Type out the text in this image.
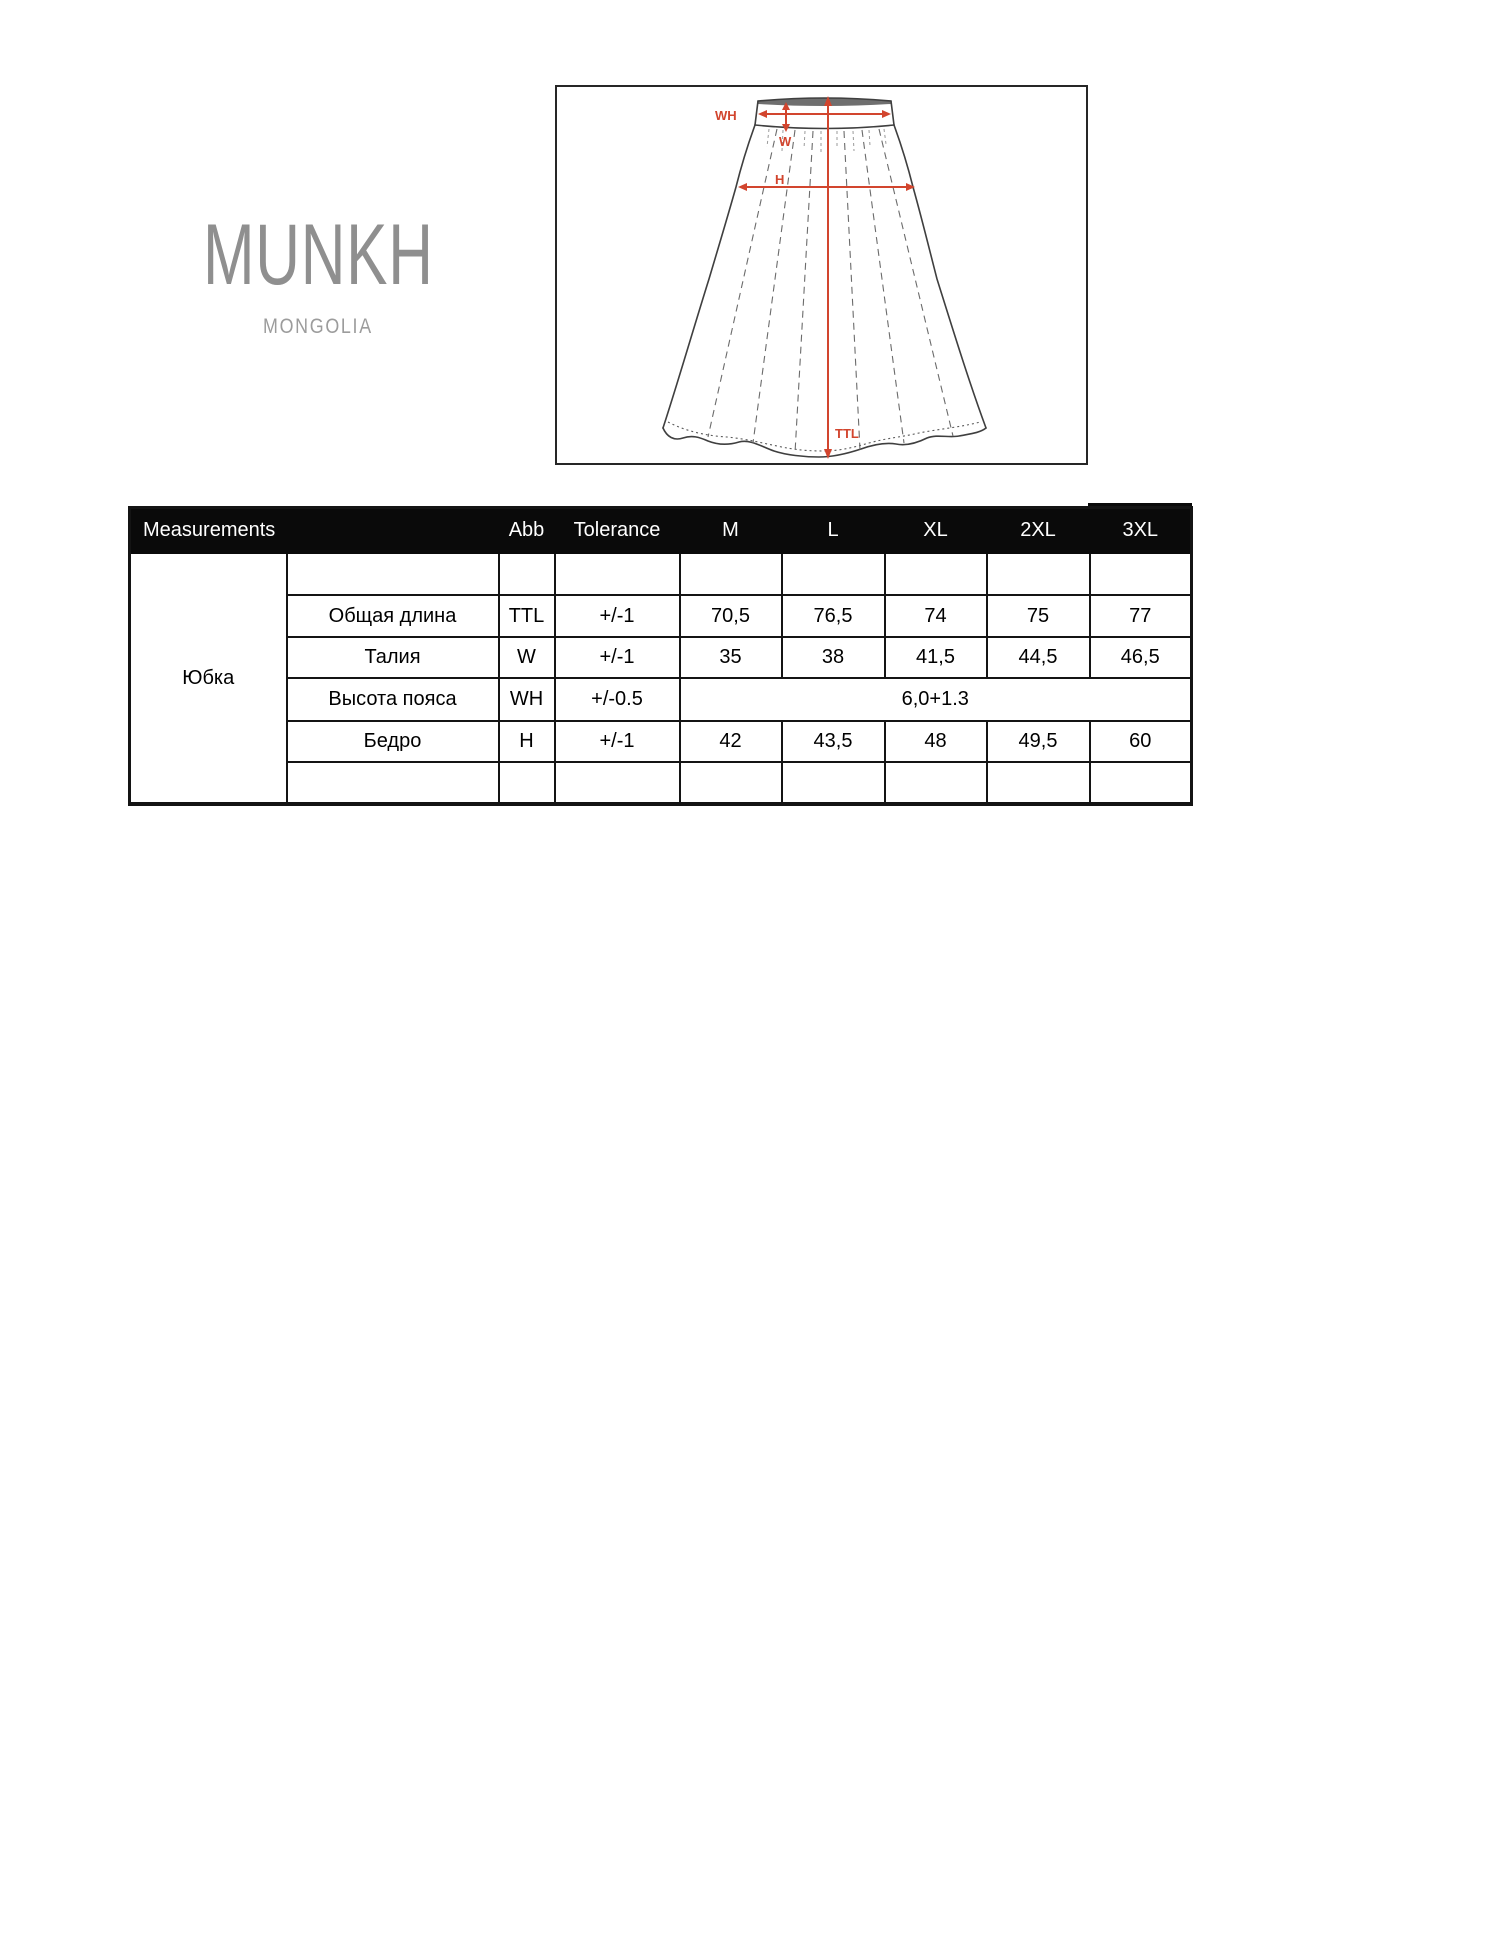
MUNKH
MONGOLIA
WH
W
H
TTL
Measurements		Abb	Tolerance	M	L	XL	2XL	3XL
Юбка								
	Общая длина	TTL	+/-1	70,5	76,5	74	75	77
	Талия	W	+/-1	35	38	41,5	44,5	46,5
	Высота пояса	WH	+/-0.5	6,0+1.3				
	Бедро	H	+/-1	42	43,5	48	49,5	60
